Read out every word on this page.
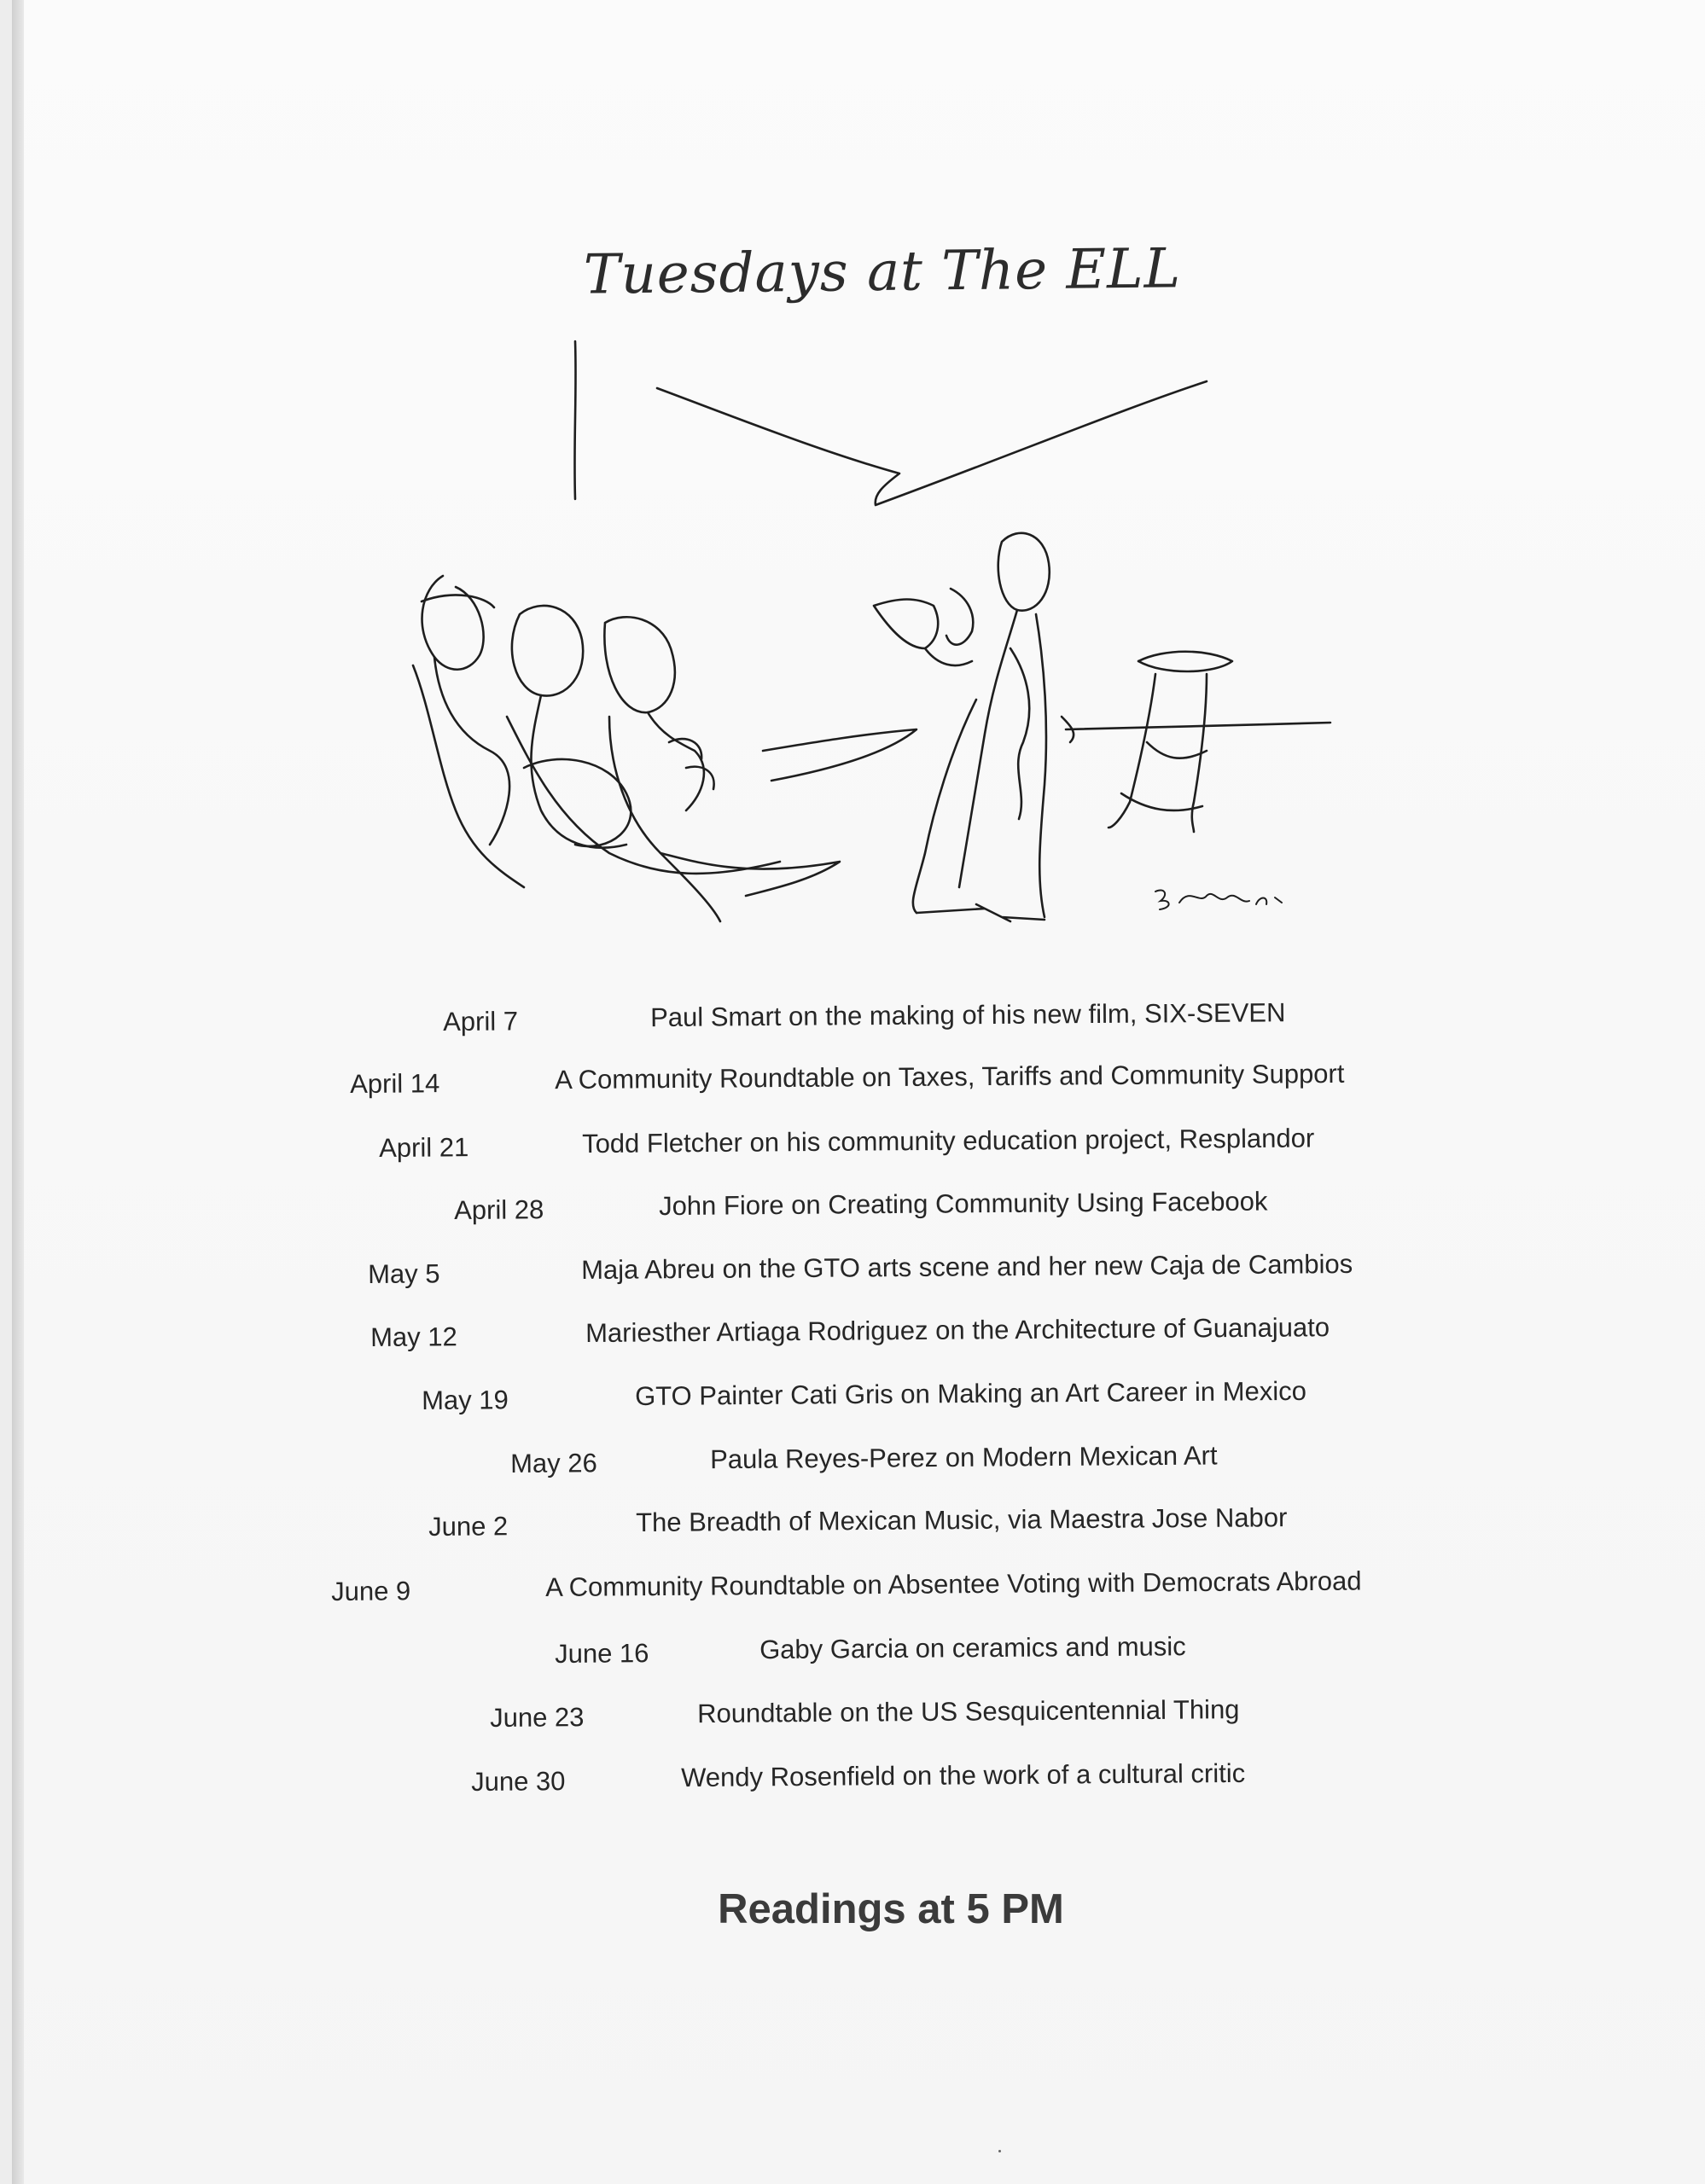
Tuesdays at The ELL
April 7	Paul Smart on the making of his new film, SIX-SEVEN
April 14	A Community Roundtable on Taxes, Tariffs and Community Support
April 21	Todd Fletcher on his community education project, Resplandor
April 28	John Fiore on Creating Community Using Facebook
May 5	Maja Abreu on the GTO arts scene and her new Caja de Cambios
May 12	Mariesther Artiaga Rodriguez on the Architecture of Guanajuato
May 19	GTO Painter Cati Gris on Making an Art Career in Mexico
May 26	Paula Reyes-Perez on Modern Mexican Art
June 2	The Breadth of Mexican Music, via Maestra Jose Nabor
June 9	A Community Roundtable on Absentee Voting with Democrats Abroad
June 16	Gaby Garcia on ceramics and music
June 23	Roundtable on the US Sesquicentennial Thing
June 30	Wendy Rosenfield on the work of a cultural critic
Readings at 5 PM
